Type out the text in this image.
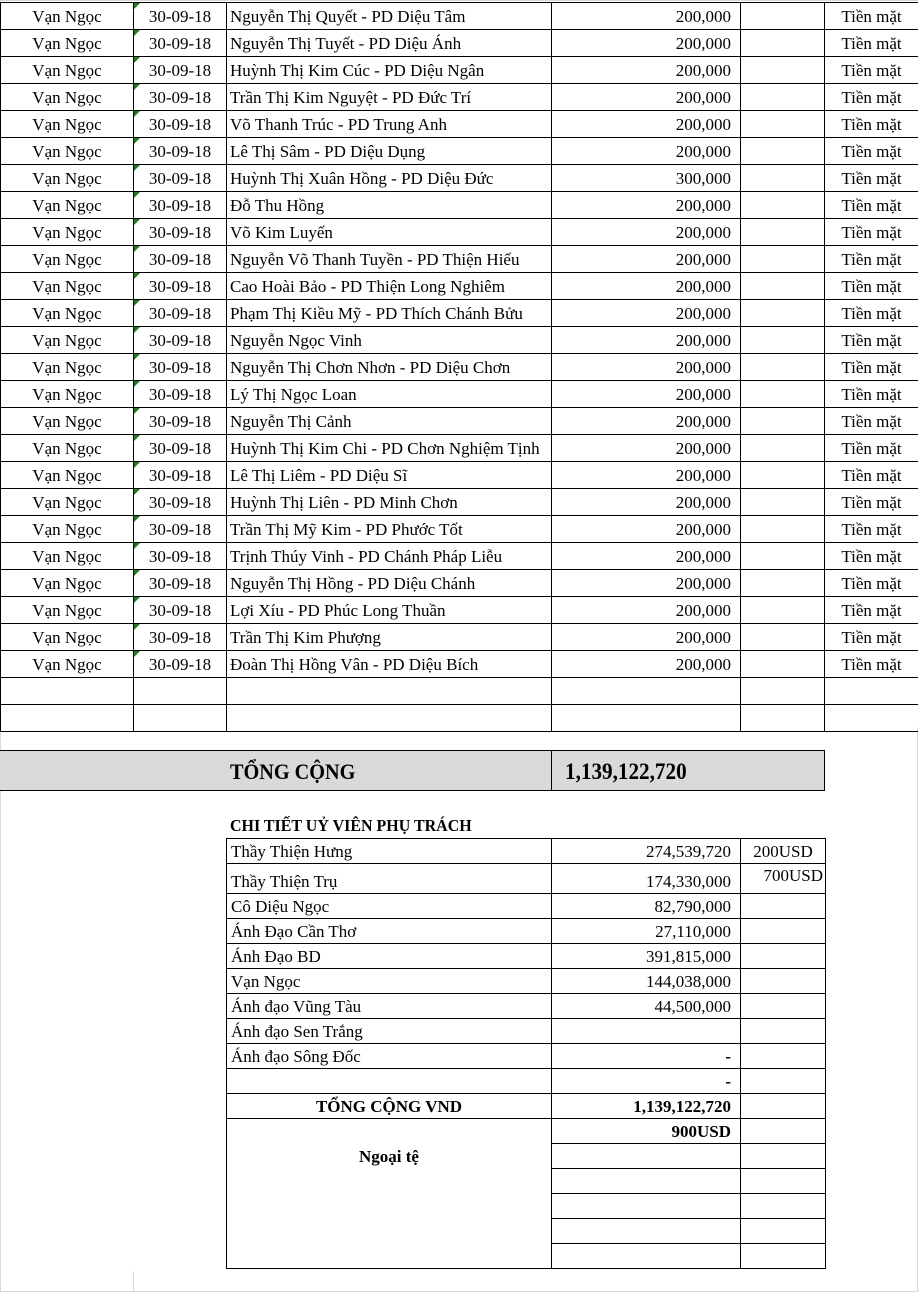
Vạn Ngọc	30-09-18	Nguyễn Thị Quyết - PD Diệu Tâm	200,000		Tiền mặt
Vạn Ngọc	30-09-18	Nguyễn Thị Tuyết - PD Diệu Ánh	200,000		Tiền mặt
Vạn Ngọc	30-09-18	Huỳnh Thị Kim Cúc - PD Diệu Ngân	200,000		Tiền mặt
Vạn Ngọc	30-09-18	Trần Thị Kim Nguyệt - PD Đức Trí	200,000		Tiền mặt
Vạn Ngọc	30-09-18	Võ Thanh Trúc - PD Trung Anh	200,000		Tiền mặt
Vạn Ngọc	30-09-18	Lê Thị Sâm - PD Diệu Dụng	200,000		Tiền mặt
Vạn Ngọc	30-09-18	Huỳnh Thị Xuân Hồng - PD Diệu Đức	300,000		Tiền mặt
Vạn Ngọc	30-09-18	Đỗ Thu Hồng	200,000		Tiền mặt
Vạn Ngọc	30-09-18	Võ Kim Luyến	200,000		Tiền mặt
Vạn Ngọc	30-09-18	Nguyễn Võ Thanh Tuyền - PD Thiện Hiếu	200,000		Tiền mặt
Vạn Ngọc	30-09-18	Cao Hoài Bảo - PD Thiện Long Nghiêm	200,000		Tiền mặt
Vạn Ngọc	30-09-18	Phạm Thị Kiều Mỹ - PD Thích Chánh Bửu	200,000		Tiền mặt
Vạn Ngọc	30-09-18	Nguyễn Ngọc Vinh	200,000		Tiền mặt
Vạn Ngọc	30-09-18	Nguyễn Thị Chơn Nhơn - PD Diệu Chơn	200,000		Tiền mặt
Vạn Ngọc	30-09-18	Lý Thị Ngọc Loan	200,000		Tiền mặt
Vạn Ngọc	30-09-18	Nguyễn Thị Cảnh	200,000		Tiền mặt
Vạn Ngọc	30-09-18	Huỳnh Thị Kim Chi - PD Chơn Nghiệm Tịnh	200,000		Tiền mặt
Vạn Ngọc	30-09-18	Lê Thị Liêm - PD Diệu Sĩ	200,000		Tiền mặt
Vạn Ngọc	30-09-18	Huỳnh Thị Liên - PD Minh Chơn	200,000		Tiền mặt
Vạn Ngọc	30-09-18	Trần Thị Mỹ Kim - PD Phước Tốt	200,000		Tiền mặt
Vạn Ngọc	30-09-18	Trịnh Thúy Vinh - PD Chánh Pháp Liễu	200,000		Tiền mặt
Vạn Ngọc	30-09-18	Nguyễn Thị Hồng - PD Diệu Chánh	200,000		Tiền mặt
Vạn Ngọc	30-09-18	Lợi Xíu - PD Phúc Long Thuần	200,000		Tiền mặt
Vạn Ngọc	30-09-18	Trần Thị Kim Phượng	200,000		Tiền mặt
Vạn Ngọc	30-09-18	Đoàn Thị Hồng Vân - PD Diệu Bích	200,000		Tiền mặt

TỔNG CỘNG	1,139,122,720
CHI TIẾT UỶ VIÊN PHỤ TRÁCH
Thầy Thiện Hưng	274,539,720	200USD
Thầy Thiện Trụ	174,330,000	700USD
Cô Diệu Ngọc	82,790,000	
Ánh Đạo Cần Thơ	27,110,000	
Ánh Đạo BD	391,815,000	
Vạn Ngọc	144,038,000	
Ánh đạo Vũng Tàu	44,500,000	
Ánh đạo Sen Trắng		
Ánh đạo Sông Đốc	-	
	-	
TỔNG CỘNG VND	1,139,122,720	
Ngoại tệ	900USD	
